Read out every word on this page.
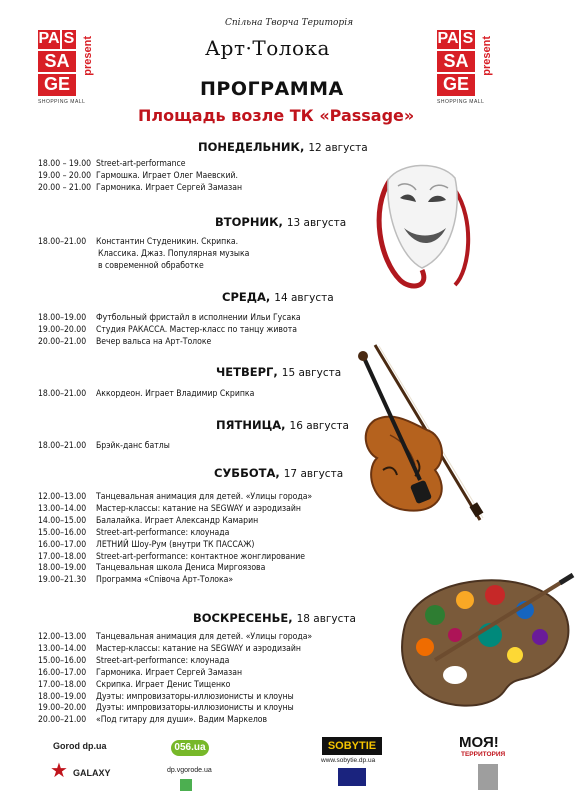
PA S
SA
GE
present
SHOPPING MALL
PA S
SA
GE
present
SHOPPING MALL
Спільна Творча Територія
Арт·Толока
ПРОГРАММА
Площадь возле ТК «Passage»
ПОНЕДЕЛЬНИК, 12 августа
18.00 – 19.00 Street-art-performance
19.00 – 20.00 Гармошка. Играет Олег Маевский.
20.00 – 21.00 Гармоника. Играет Сергей Замазан
ВТОРНИК, 13 августа
18.00–21.00 Константин Студеникин. Скрипка.
Классика. Джаз. Популярная музыка
в современной обработке
СРЕДА, 14 августа
18.00–19.00 Футбольный фристайл в исполнении Ильи Гусака
19.00–20.00 Студия РАКАССА. Мастер-класс по танцу живота
20.00–21.00 Вечер вальса на Арт-Толоке
ЧЕТВЕРГ, 15 августа
18.00–21.00 Аккордеон. Играет Владимир Скрипка
ПЯТНИЦА, 16 августа
18.00–21.00 Брэйк-данс батлы
СУББОТА, 17 августа
12.00–13.00 Танцевальная анимация для детей. «Улицы города»
13.00–14.00 Мастер-классы: катание на SEGWAY и аэродизайн
14.00–15.00 Балалайка. Играет Александр Камарин
15.00–16.00 Street-art-performance: клоунада
16.00–17.00 ЛЕТНИЙ Шоу-Рум (внутри ТК ПАССАЖ)
17.00–18.00 Street-art-performance: контактное жонглирование
18.00–19.00 Танцевальная школа Дениса Миргоязова
19.00–21.30 Программа «Спiвоча Арт-Толока»
ВОСКРЕСЕНЬЕ, 18 августа
12.00–13.00 Танцевальная анимация для детей. «Улицы города»
13.00–14.00 Мастер-классы: катание на SEGWAY и аэродизайн
15.00–16.00 Street-art-performance: клоунада
16.00–17.00 Гармоника. Играет Сергей Замазан
17.00–18.00 Скрипка. Играет Денис Тищенко
18.00–19.00 Дуэты: импровизаторы-иллюзионисты и клоуны
19.00–20.00 Дуэты: импровизаторы-иллюзионисты и клоуны
20.00–21.00 «Под гитару для души». Вадим Маркелов
Gorod dp.ua
★ GALAXY
056.ua
dp.vgorode.ua
SOBYTIE
www.sobytie.dp.ua
МОЯ!
ТЕРРИТОРИЯ
